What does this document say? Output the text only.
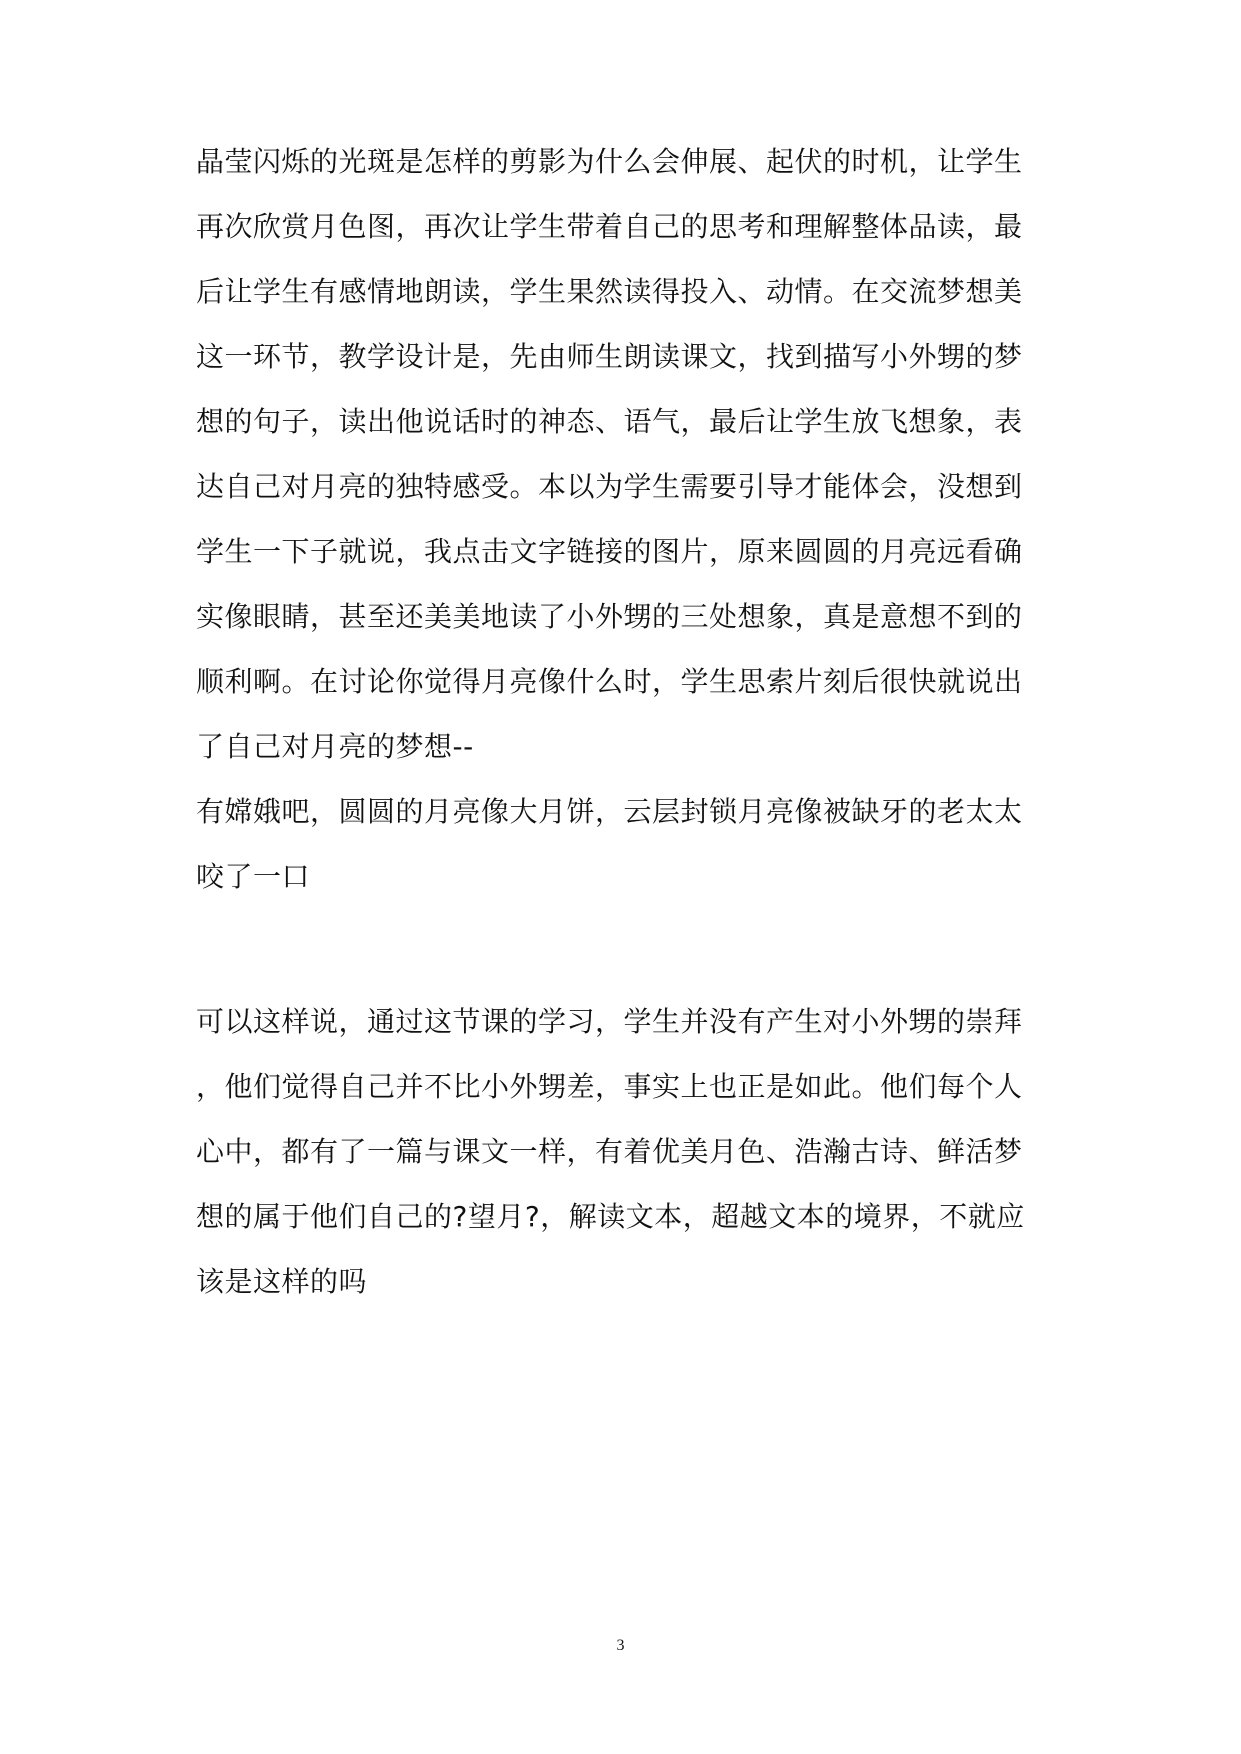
晶莹闪烁的光斑是怎样的剪影为什么会伸展、起伏的时机，让学生
再次欣赏月色图，再次让学生带着自己的思考和理解整体品读，最
后让学生有感情地朗读，学生果然读得投入、动情。在交流梦想美
这一环节，教学设计是，先由师生朗读课文，找到描写小外甥的梦
想的句子，读出他说话时的神态、语气，最后让学生放飞想象，表
达自己对月亮的独特感受。本以为学生需要引导才能体会，没想到
学生一下子就说，我点击文字链接的图片，原来圆圆的月亮远看确
实像眼睛，甚至还美美地读了小外甥的三处想象，真是意想不到的
顺利啊。在讨论你觉得月亮像什么时，学生思索片刻后很快就说出
了自己对月亮的梦想--
有嫦娥吧，圆圆的月亮像大月饼，云层封锁月亮像被缺牙的老太太
咬了一口
可以这样说，通过这节课的学习，学生并没有产生对小外甥的崇拜
，他们觉得自己并不比小外甥差，事实上也正是如此。他们每个人
心中，都有了一篇与课文一样，有着优美月色、浩瀚古诗、鲜活梦
想的属于他们自己的?望月?，解读文本，超越文本的境界，不就应
该是这样的吗
3
